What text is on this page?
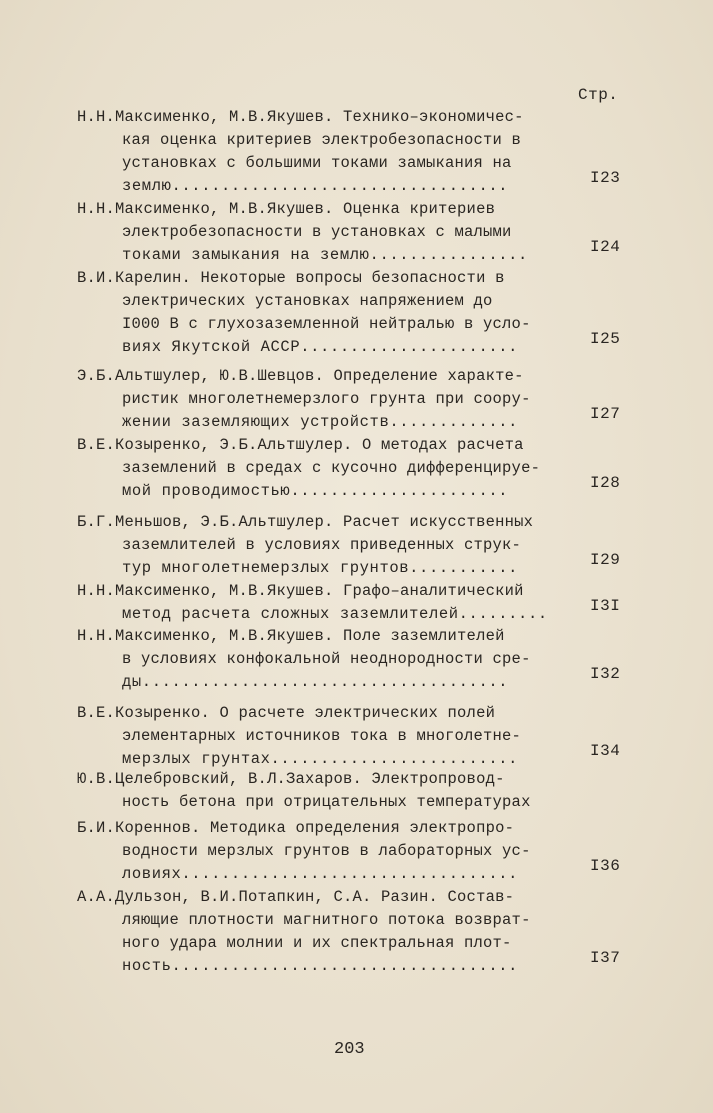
Стр.
Н.Н.Максименко, М.В.Якушев. Технико–экономичес-
кая оценка критериев электробезопасности в
установках с большими токами замыкания на
землю..................................	I23
Н.Н.Максименко, М.В.Якушев. Оценка критериев
электробезопасности в установках с малыми
токами замыкания на землю................	I24
В.И.Карелин. Некоторые вопросы безопасности в
электрических установках напряжением до
I000 В с глухозаземленной нейтралью в усло-
виях Якутской АССР......................	I25
Э.Б.Альтшулер, Ю.В.Шевцов. Определение характе-
ристик многолетнемерзлого грунта при соору-
жении заземляющих устройств.............	I27
В.Е.Козыренко, Э.Б.Альтшулер. О методах расчета
заземлений в средах с кусочно дифференцируе-
мой проводимостью......................	I28
Б.Г.Меньшов, Э.Б.Альтшулер. Расчет искусственных
заземлителей в условиях приведенных струк-
тур многолетнемерзлых грунтов...........	I29
Н.Н.Максименко, М.В.Якушев. Графо–аналитический
метод расчета сложных заземлителей.........	I3I
Н.Н.Максименко, М.В.Якушев. Поле заземлителей
в условиях конфокальной неоднородности сре-
ды.....................................	I32
В.Е.Козыренко. О расчете электрических полей
элементарных источников тока в многолетне-
мерзлых грунтах.........................	I34
Ю.В.Целебровский, В.Л.Захаров. Электропровод-
ность бетона при отрицательных температурах
Б.И.Кореннов. Методика определения электропро-
водности мерзлых грунтов в лабораторных ус-
ловиях..................................	I36
А.А.Дульзон, В.И.Потапкин, С.А. Разин. Состав-
ляющие плотности магнитного потока возврат-
ного удара молнии и их спектральная плот-
ность...................................	I37
203
